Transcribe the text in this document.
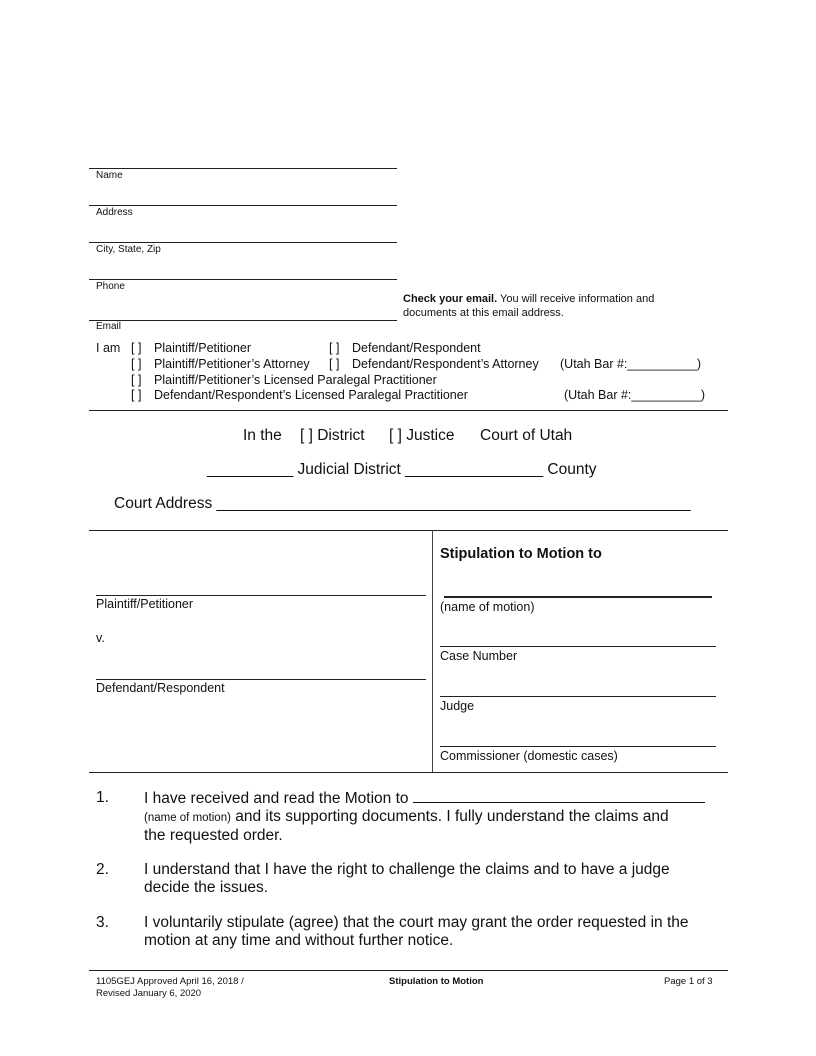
Name
Address
City, State, Zip
Phone
Check your email. You will receive information and
documents at this email address.
Email
I am [ ] Plaintiff/Petitioner	[ ] Defendant/Respondent
[ ] Plaintiff/Petitioner’s Attorney [ ] Defendant/Respondent’s Attorney (Utah Bar #:__________)
[ ] Plaintiff/Petitioner’s Licensed Paralegal Practitioner
[ ] Defendant/Respondent’s Licensed Paralegal Practitioner	(Utah Bar #:__________)
In the [ ] District [ ] Justice Court of Utah
__________ Judicial District ________________ County
Court Address _______________________________________________________
Plaintiff/Petitioner
v.
Defendant/Respondent
Stipulation to Motion to
(name of motion)
Case Number
Judge
Commissioner (domestic cases)
1. I have received and read the Motion to
(name of motion) and its supporting documents. I fully understand the claims and
the requested order.
2. I understand that I have the right to challenge the claims and to have a judge
decide the issues.
3. I voluntarily stipulate (agree) that the court may grant the order requested in the
motion at any time and without further notice.
1105GEJ Approved April 16, 2018 /
Revised January 6, 2020
Stipulation to Motion	Page 1 of 3
